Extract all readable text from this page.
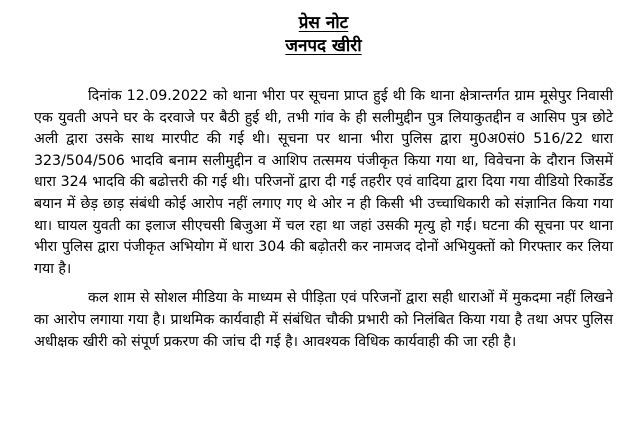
प्रेस नोट
जनपद खीरी

दिनांक 12.09.2022 को थाना भीरा पर सूचना प्राप्त हुई थी कि थाना क्षेत्रान्तर्गत ग्राम मूसेपुर निवासी एक युवती अपने घर के दरवाजे पर बैठी हुई थी, तभी गांव के ही सलीमुद्दीन पुत्र लियाकुतद्दीन व आसिप पुत्र छोटे अली द्वारा उसके साथ मारपीट की गई थी। सूचना पर थाना भीरा पुलिस द्वारा मु0अ0सं0 516/22 धारा 323/504/506 भादवि बनाम सलीमुद्दीन व आशिप तत्समय पंजीकृत किया गया था, विवेचना के दौरान जिसमें धारा 324 भादवि की बढोत्तरी की गई थी। परिजनों द्वारा दी गई तहरीर एवं वादिया द्वारा दिया गया वीडियो रिकार्डेड बयान में छेड़ छाड़ संबंधी कोई आरोप नहीं लगाए गए थे ओर न ही किसी भी उच्चाधिकारी को संज्ञानित किया गया था। घायल युवती का इलाज सीएचसी बिजुआ में चल रहा था जहां उसकी मृत्यु हो गई। घटना की सूचना पर थाना भीरा पुलिस द्वारा पंजीकृत अभियोग में धारा 304 की बढ़ोतरी कर नामजद दोनों अभियुक्तों को गिरफ्तार कर लिया गया है।

कल शाम से सोशल मीडिया के माध्यम से पीड़िता एवं परिजनों द्वारा सही धाराओं में मुकदमा नहीं लिखने का आरोप लगाया गया है। प्राथमिक कार्यवाही में संबंधित चौकी प्रभारी को निलंबित किया गया है तथा अपर पुलिस अधीक्षक खीरी को संपूर्ण प्रकरण की जांच दी गई है। आवश्यक विधिक कार्यवाही की जा रही है।
